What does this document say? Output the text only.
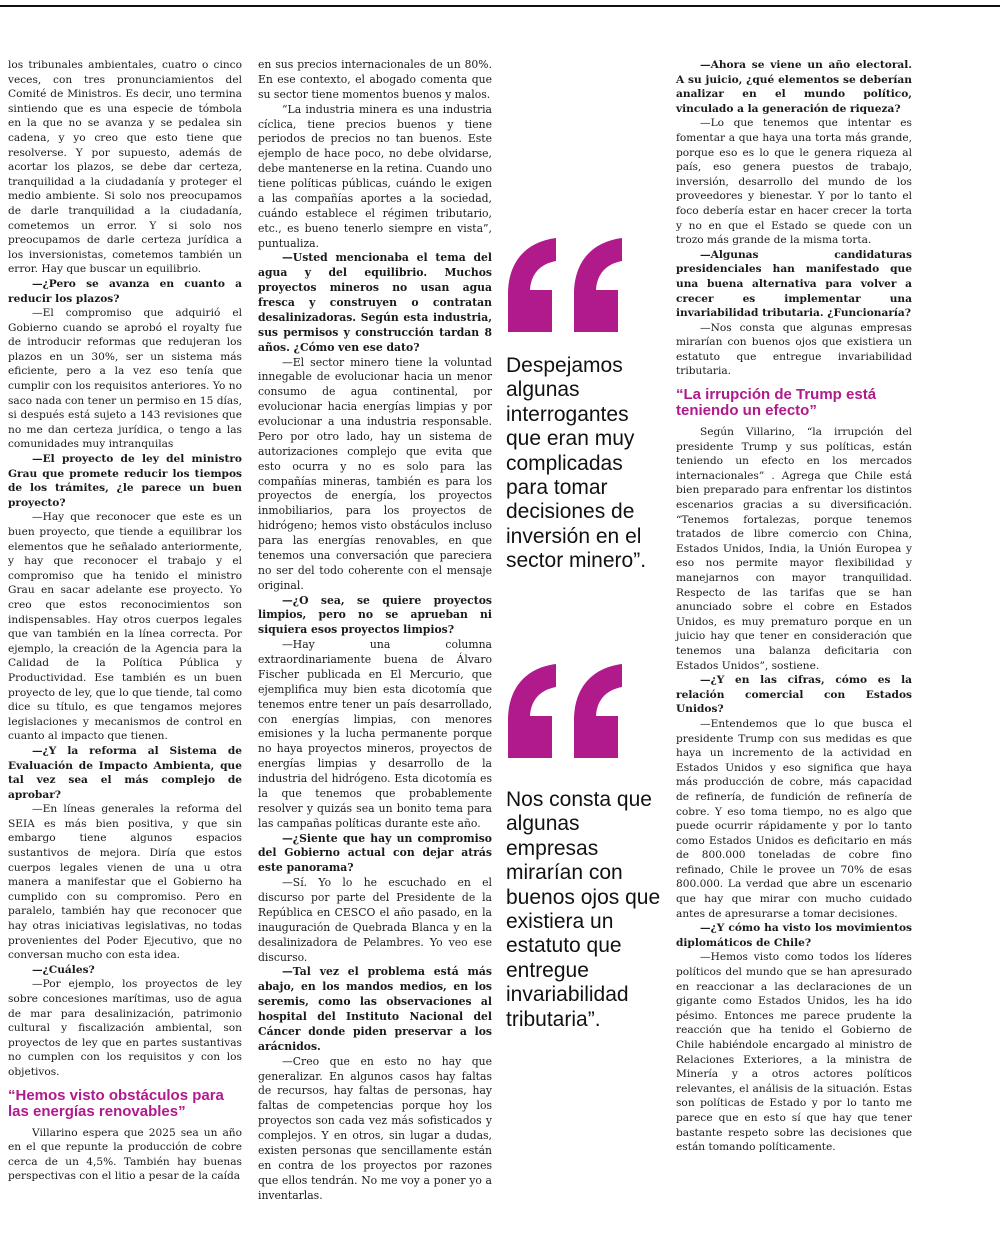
los tribunales ambientales, cuatro o cinco veces, con tres pronunciamientos del Comité de Ministros. Es decir, uno termina sintiendo que es una especie de tómbola en la que no se avanza y se pedalea sin cadena, y yo creo que esto tiene que resolverse. Y por supuesto, además de acortar los plazos, se debe dar certeza, tranquilidad a la ciudadanía y proteger el medio ambiente. Si solo nos preocupamos de darle tranquilidad a la ciudadanía, cometemos un error. Y si solo nos preocupamos de darle certeza jurídica a los inversionistas, cometemos también un error. Hay que buscar un equilibrio.

—¿Pero se avanza en cuanto a reducir los plazos?

—El compromiso que adquirió el Gobierno cuando se aprobó el royalty fue de introducir reformas que redujeran los plazos en un 30%, ser un sistema más eficiente, pero a la vez eso tenía que cumplir con los requisitos anteriores. Yo no saco nada con tener un permiso en 15 días, si después está sujeto a 143 revisiones que no me dan certeza jurídica, o tengo a las comunidades muy intranquilas

—El proyecto de ley del ministro Grau que promete reducir los tiempos de los trámites, ¿le parece un buen proyecto?

—Hay que reconocer que este es un buen proyecto, que tiende a equilibrar los elementos que he señalado anteriormente, y hay que reconocer el trabajo y el compromiso que ha tenido el ministro Grau en sacar adelante ese proyecto. Yo creo que estos reconocimientos son indispensables. Hay otros cuerpos legales que van también en la línea correcta. Por ejemplo, la creación de la Agencia para la Calidad de la Política Pública y Productividad. Ese también es un buen proyecto de ley, que lo que tiende, tal como dice su título, es que tengamos mejores legislaciones y mecanismos de control en cuanto al impacto que tienen.

—¿Y la reforma al Sistema de Evaluación de Impacto Ambienta, que tal vez sea el más complejo de aprobar?

—En líneas generales la reforma del SEIA es más bien positiva, y que sin embargo tiene algunos espacios sustantivos de mejora. Diría que estos cuerpos legales vienen de una u otra manera a manifestar que el Gobierno ha cumplido con su compromiso. Pero en paralelo, también hay que reconocer que hay otras iniciativas legislativas, no todas provenientes del Poder Ejecutivo, que no conversan mucho con esta idea.

—¿Cuáles?

—Por ejemplo, los proyectos de ley sobre concesiones marítimas, uso de agua de mar para desalinización, patrimonio cultural y fiscalización ambiental, son proyectos de ley que en partes sustantivas no cumplen con los requisitos y con los objetivos.

“Hemos visto obstáculos para las energías renovables”

Villarino espera que 2025 sea un año en el que repunte la producción de cobre cerca de un 4,5%. También hay buenas perspectivas con el litio a pesar de la caída

en sus precios internacionales de un 80%. En ese contexto, el abogado comenta que su sector tiene momentos buenos y malos.

“La industria minera es una industria cíclica, tiene precios buenos y tiene periodos de precios no tan buenos. Este ejemplo de hace poco, no debe olvidarse, debe mantenerse en la retina. Cuando uno tiene políticas públicas, cuándo le exigen a las compañías aportes a la sociedad, cuándo establece el régimen tributario, etc., es bueno tenerlo siempre en vista”, puntualiza.

—Usted mencionaba el tema del agua y del equilibrio. Muchos proyectos mineros no usan agua fresca y construyen o contratan desalinizadoras. Según esta industria, sus permisos y construcción tardan 8 años. ¿Cómo ven ese dato?

—El sector minero tiene la voluntad innegable de evolucionar hacia un menor consumo de agua continental, por evolucionar hacia energías limpias y por evolucionar a una industria responsable. Pero por otro lado, hay un sistema de autorizaciones complejo que evita que esto ocurra y no es solo para las compañías mineras, también es para los proyectos de energía, los proyectos inmobiliarios, para los proyectos de hidrógeno; hemos visto obstáculos incluso para las energías renovables, en que tenemos una conversación que pareciera no ser del todo coherente con el mensaje original.

—¿O sea, se quiere proyectos limpios, pero no se aprueban ni siquiera esos proyectos limpios?

—Hay una columna extraordinariamente buena de Álvaro Fischer publicada en El Mercurio, que ejemplifica muy bien esta dicotomía que tenemos entre tener un país desarrollado, con energías limpias, con menores emisiones y la lucha permanente porque no haya proyectos mineros, proyectos de energías limpias y desarrollo de la industria del hidrógeno. Esta dicotomía es la que tenemos que probablemente resolver y quizás sea un bonito tema para las campañas políticas durante este año.

—¿Siente que hay un compromiso del Gobierno actual con dejar atrás este panorama?

—Sí. Yo lo he escuchado en el discurso por parte del Presidente de la República en CESCO el año pasado, en la inauguración de Quebrada Blanca y en la desalinizadora de Pelambres. Yo veo ese discurso.

—Tal vez el problema está más abajo, en los mandos medios, en los seremis, como las observaciones al hospital del Instituto Nacional del Cáncer donde piden preservar a los arácnidos.

—Creo que en esto no hay que generalizar. En algunos casos hay faltas de recursos, hay faltas de personas, hay faltas de competencias porque hoy los proyectos son cada vez más sofisticados y complejos. Y en otros, sin lugar a dudas, existen personas que sencillamente están en contra de los proyectos por razones que ellos tendrán. No me voy a poner yo a inventarlas.

Despejamos algunas interrogantes que eran muy complicadas para tomar decisiones de inversión en el sector minero”.
Nos consta que algunas empresas mirarían con buenos ojos que existiera un estatuto que entregue invariabilidad tributaria”.

—Ahora se viene un año electoral. A su juicio, ¿qué elementos se deberían analizar en el mundo político, vinculado a la generación de riqueza?

—Lo que tenemos que intentar es fomentar a que haya una torta más grande, porque eso es lo que le genera riqueza al país, eso genera puestos de trabajo, inversión, desarrollo del mundo de los proveedores y bienestar. Y por lo tanto el foco debería estar en hacer crecer la torta y no en que el Estado se quede con un trozo más grande de la misma torta.

—Algunas candidaturas presidenciales han manifestado que una buena alternativa para volver a crecer es implementar una invariabilidad tributaria. ¿Funcionaría?

—Nos consta que algunas empresas mirarían con buenos ojos que existiera un estatuto que entregue invariabilidad tributaria.

“La irrupción de Trump está teniendo un efecto”

Según Villarino, “la irrupción del presidente Trump y sus políticas, están teniendo un efecto en los mercados internacionales” . Agrega que Chile está bien preparado para enfrentar los distintos escenarios gracias a su diversificación. “Tenemos fortalezas, porque tenemos tratados de libre comercio con China, Estados Unidos, India, la Unión Europea y eso nos permite mayor flexibilidad y manejarnos con mayor tranquilidad. Respecto de las tarifas que se han anunciado sobre el cobre en Estados Unidos, es muy prematuro porque en un juicio hay que tener en consideración que tenemos una balanza deficitaria con Estados Unidos”, sostiene.

—¿Y en las cifras, cómo es la relación comercial con Estados Unidos?

—Entendemos que lo que busca el presidente Trump con sus medidas es que haya un incremento de la actividad en Estados Unidos y eso significa que haya más producción de cobre, más capacidad de refinería, de fundición de refinería de cobre. Y eso toma tiempo, no es algo que puede ocurrir rápidamente y por lo tanto como Estados Unidos es deficitario en más de 800.000 toneladas de cobre fino refinado, Chile le provee un 70% de esas 800.000. La verdad que abre un escenario que hay que mirar con mucho cuidado antes de apresurarse a tomar decisiones.

—¿Y cómo ha visto los movimientos diplomáticos de Chile?

—Hemos visto como todos los líderes políticos del mundo que se han apresurado en reaccionar a las declaraciones de un gigante como Estados Unidos, les ha ido pésimo. Entonces me parece prudente la reacción que ha tenido el Gobierno de Chile habiéndole encargado al ministro de Relaciones Exteriores, a la ministra de Minería y a otros actores políticos relevantes, el análisis de la situación. Estas son políticas de Estado y por lo tanto me parece que en esto sí que hay que tener bastante respeto sobre las decisiones que están tomando políticamente.
